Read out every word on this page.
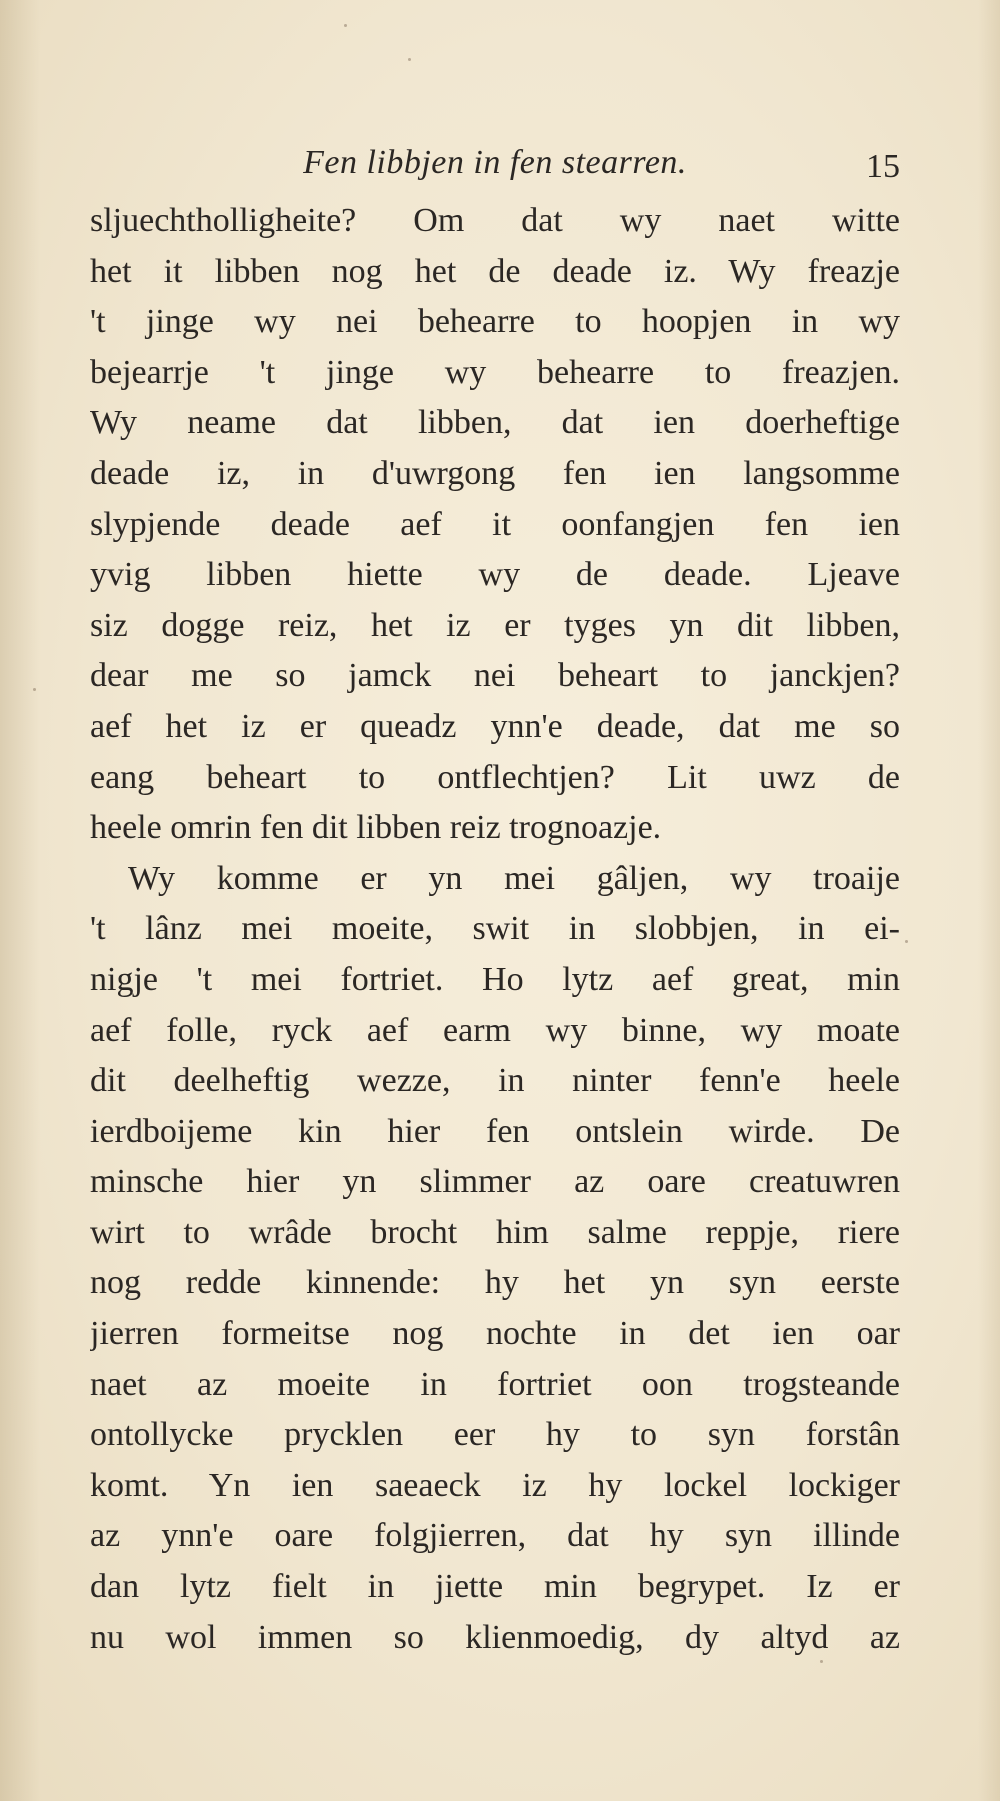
Fen libbjen in fen stearren.	15
sljuechtholligheite? Om dat wy naet witte
het it libben nog het de deade iz. Wy freazje
't jinge wy nei behearre to hoopjen in wy
bejearrje 't jinge wy behearre to freazjen.
Wy neame dat libben, dat ien doerheftige
deade iz, in d'uwrgong fen ien langsomme
slypjende deade aef it oonfangjen fen ien
yvig libben hiette wy de deade. Ljeave
siz dogge reiz, het iz er tyges yn dit libben,
dear me so jamck nei beheart to janckjen?
aef het iz er queadz ynn'e deade, dat me so
eang beheart to ontflechtjen? Lit uwz de
heele omrin fen dit libben reiz trognoazje.
Wy komme er yn mei gâljen, wy troaije
't lânz mei moeite, swit in slobbjen, in ei-
nigje 't mei fortriet. Ho lytz aef great, min
aef folle, ryck aef earm wy binne, wy moate
dit deelheftig wezze, in ninter fenn'e heele
ierdboijeme kin hier fen ontslein wirde. De
minsche hier yn slimmer az oare creatuwren
wirt to wrâde brocht him salme reppje, riere
nog redde kinnende: hy het yn syn eerste
jierren formeitse nog nochte in det ien oar
naet az moeite in fortriet oon trogsteande
ontollycke prycklen eer hy to syn forstân
komt. Yn ien saeaeck iz hy lockel lockiger
az ynn'e oare folgjierren, dat hy syn illinde
dan lytz fielt in jiette min begrypet. Iz er
nu wol immen so klienmoedig, dy altyd az
